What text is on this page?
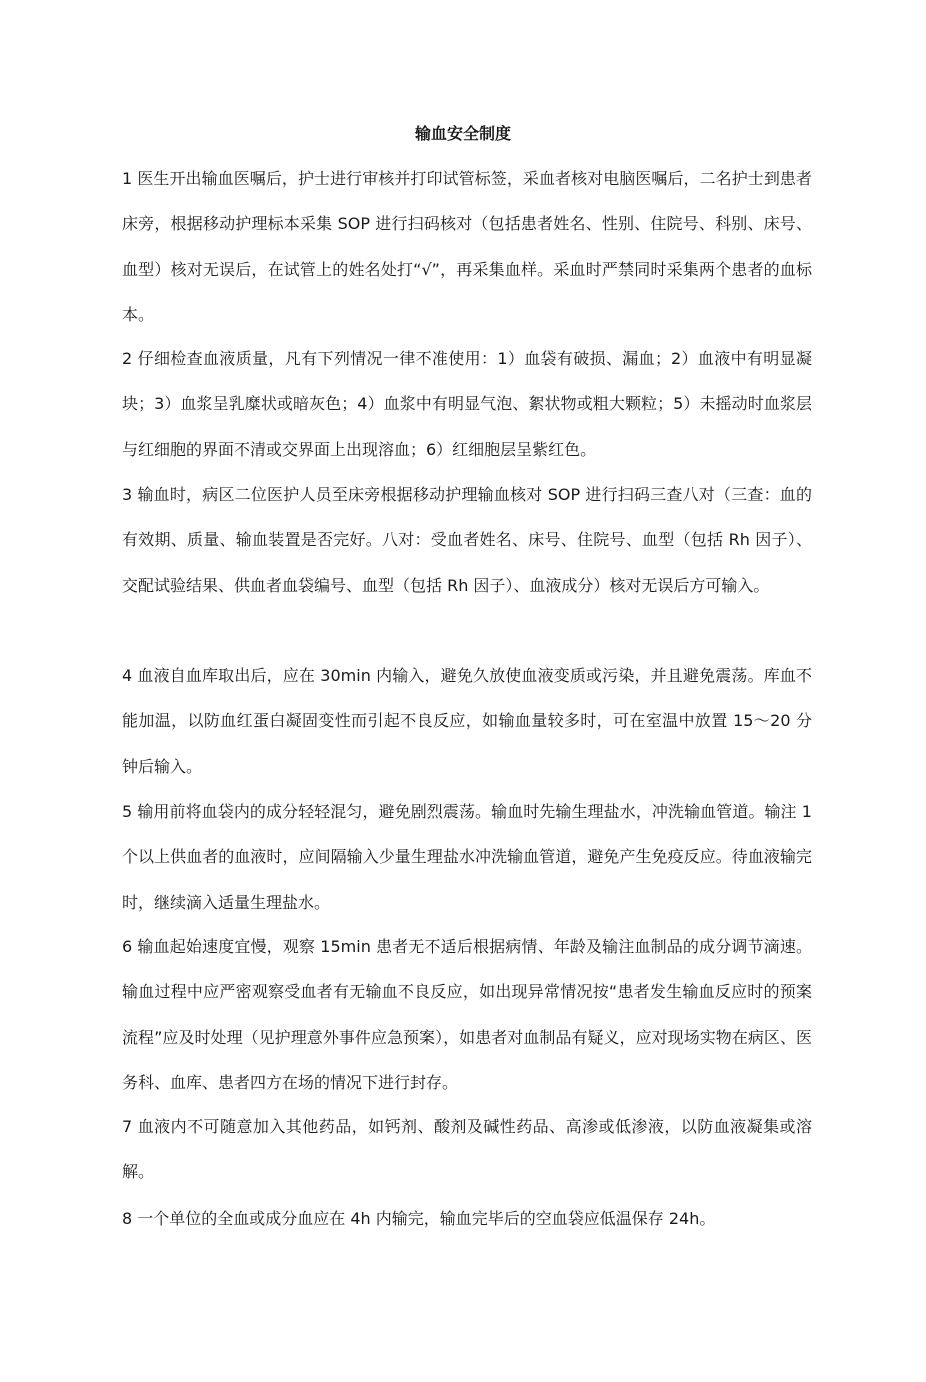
输血安全制度
1 医生开出输血医嘱后，护士进行审核并打印试管标签，采血者核对电脑医嘱后，二名护士到患者床旁，根据移动护理标本采集 SOP 进行扫码核对（包括患者姓名、性别、住院号、科别、床号、血型）核对无误后，在试管上的姓名处打“√”，再采集血样。采血时严禁同时采集两个患者的血标本。
2 仔细检查血液质量，凡有下列情况一律不准使用：1）血袋有破损、漏血；2）血液中有明显凝块；3）血浆呈乳糜状或暗灰色；4）血浆中有明显气泡、絮状物或粗大颗粒；5）未摇动时血浆层与红细胞的界面不清或交界面上出现溶血；6）红细胞层呈紫红色。
3 输血时，病区二位医护人员至床旁根据移动护理输血核对 SOP 进行扫码三查八对（三查：血的有效期、质量、输血装置是否完好。八对：受血者姓名、床号、住院号、血型（包括 Rh 因子）、交配试验结果、供血者血袋编号、血型（包括 Rh 因子）、血液成分）核对无误后方可输入。
4 血液自血库取出后，应在 30min 内输入，避免久放使血液变质或污染，并且避免震荡。库血不能加温，以防血红蛋白凝固变性而引起不良反应，如输血量较多时，可在室温中放置 15～20 分钟后输入。
5 输用前将血袋内的成分轻轻混匀，避免剧烈震荡。输血时先输生理盐水，冲洗输血管道。输注 1 个以上供血者的血液时，应间隔输入少量生理盐水冲洗输血管道，避免产生免疫反应。待血液输完时，继续滴入适量生理盐水。
6 输血起始速度宜慢，观察 15min 患者无不适后根据病情、年龄及输注血制品的成分调节滴速。输血过程中应严密观察受血者有无输血不良反应，如出现异常情况按“患者发生输血反应时的预案流程”应及时处理（见护理意外事件应急预案），如患者对血制品有疑义，应对现场实物在病区、医务科、血库、患者四方在场的情况下进行封存。
7 血液内不可随意加入其他药品，如钙剂、酸剂及碱性药品、高渗或低渗液，以防血液凝集或溶解。
8 一个单位的全血或成分血应在 4h 内输完，输血完毕后的空血袋应低温保存 24h。
